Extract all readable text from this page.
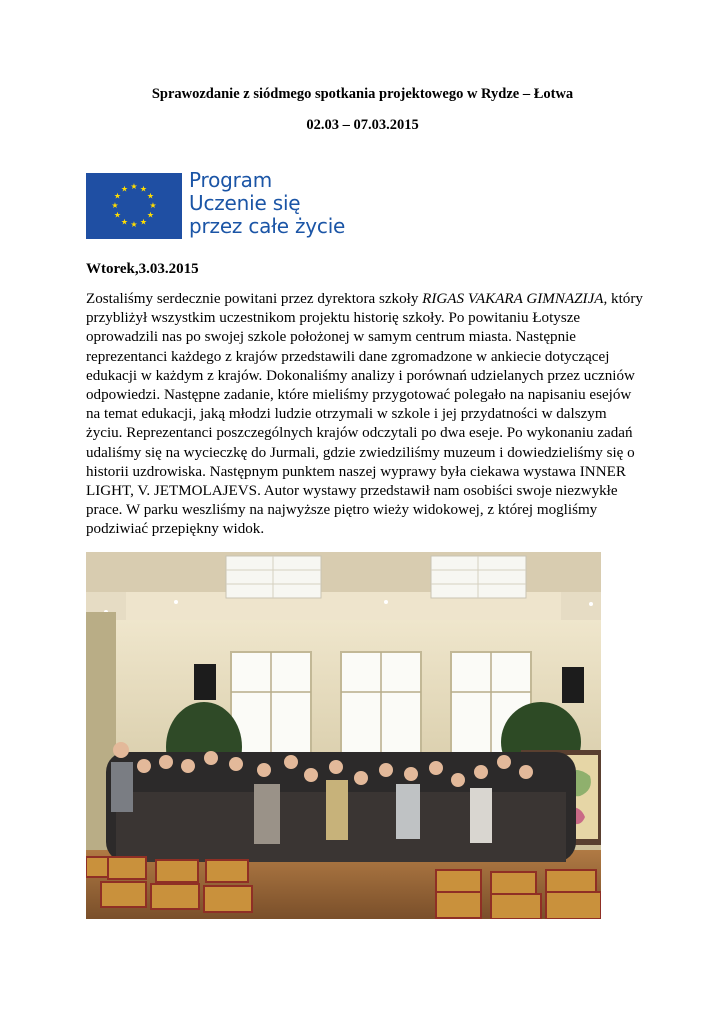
Sprawozdanie z siódmego spotkania projektowego w Rydze – Łotwa
02.03 – 07.03.2015
★ ★
★
★
★
★
★
★
★
★
★
★	Program
Uczenie się
przez całe życie
Wtorek,3.03.2015
Zostaliśmy serdecznie powitani przez dyrektora szkoły RIGAS VAKARA GIMNAZIJA, który przybliżył wszystkim uczestnikom projektu historię szkoły. Po powitaniu Łotysze oprowadzili nas po swojej szkole położonej w samym centrum miasta. Następnie reprezentanci każdego z krajów przedstawili dane zgromadzone w ankiecie dotyczącej edukacji w każdym z krajów. Dokonaliśmy analizy i porównań udzielanych przez uczniów odpowiedzi. Następne zadanie, które mieliśmy przygotować polegało na napisaniu esejów na temat edukacji, jaką młodzi ludzie otrzymali w szkole i jej przydatności w dalszym życiu. Reprezentanci poszczególnych krajów odczytali po dwa eseje. Po wykonaniu zadań udaliśmy się na wycieczkę do Jurmali, gdzie zwiedziliśmy muzeum i dowiedzieliśmy się o historii uzdrowiska. Następnym punktem naszej wyprawy była ciekawa wystawa INNER LIGHT, V. JETMOLAJEVS. Autor wystawy przedstawił nam osobiści swoje niezwykłe prace. W parku weszliśmy na najwyższe piętro wieży widokowej, z której mogliśmy podziwiać przepiękny widok.
